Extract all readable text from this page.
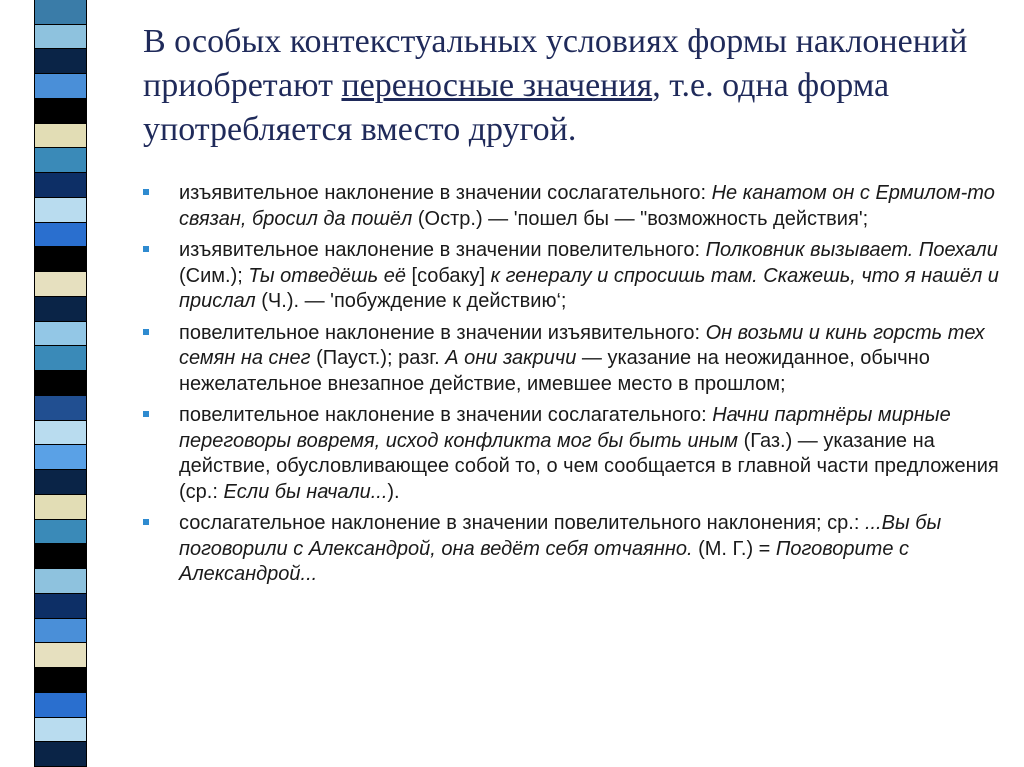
В особых контекстуальных условиях формы наклонений приобретают переносные значения, т.е. одна форма употребляется вместо другой.
изъявительное наклонение в значении сослагательного: Не канатом он с Ермилом-то связан, бросил да пошёл (Остр.) — 'пошел бы — "возможность действия';
изъявительное наклонение в значении повелительного: Полковник вызывает. Поехали (Сим.); Ты отведёшь её [собаку] к генералу и спросишь там. Скажешь, что я нашёл и прислал (Ч.). — 'побуждение к действию‘;
повелительное наклонение в значении изъявительного: Он возьми и кинь горсть тех семян на снег (Пауст.); разг. А они закричи — указание на неожиданное, обычно нежелательное внезапное действие, имевшее место в прошлом;
повелительное наклонение в значении сослагательного: Начни партнёры мирные переговоры вовремя, исход конфликта мог бы быть иным (Газ.) — указание на действие, обусловливающее собой то, о чем сообщается в главной части предложения (ср.: Если бы начали...).
сослагательное наклонение в значении повелительного наклонения; ср.: ...Вы бы поговорили с Александрой, она ведёт себя отчаянно. (М. Г.) = Поговорите с Александрой...
